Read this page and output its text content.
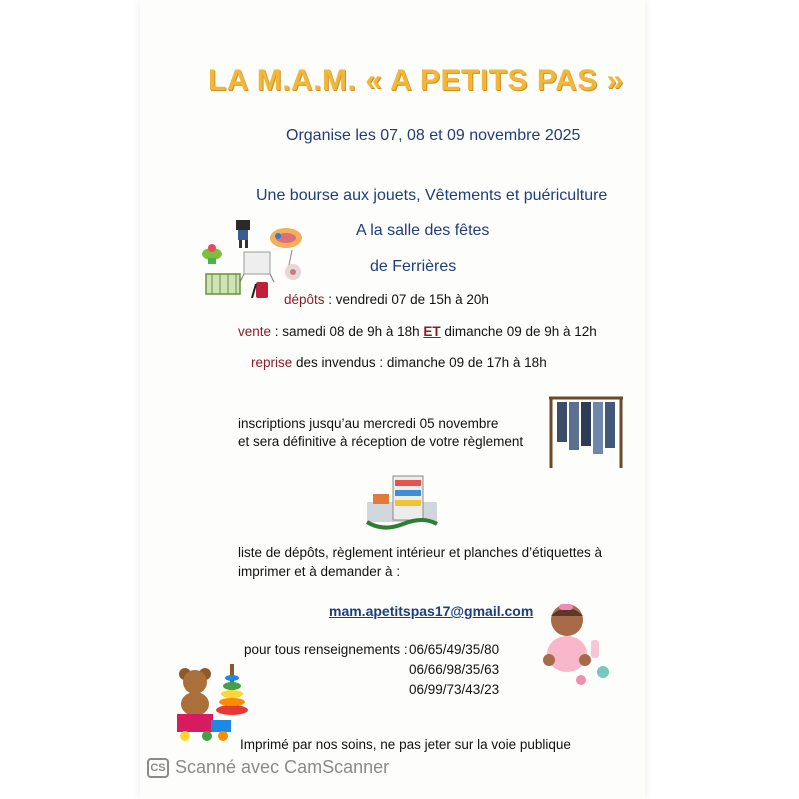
LA M.A.M. « A PETITS PAS »
Organise les 07, 08 et 09 novembre 2025
Une bourse aux jouets, Vêtements et puériculture
A la salle des fêtes
de Ferrières
dépôts : vendredi 07 de 15h à 20h
vente : samedi 08 de 9h à 18h ET dimanche 09 de 9h à 12h
reprise des invendus : dimanche 09 de 17h à 18h
inscriptions jusqu’au mercredi 05 novembre
et sera définitive à réception de votre règlement
liste de dépôts, règlement intérieur et planches d’étiquettes à
imprimer et à demander à :
mam.apetitspas17@gmail.com
pour tous renseignements : 06/65/49/35/80
06/66/98/35/63
06/99/73/43/23
Imprimé par nos soins, ne pas jeter sur la voie publique
CS Scanné avec CamScanner
